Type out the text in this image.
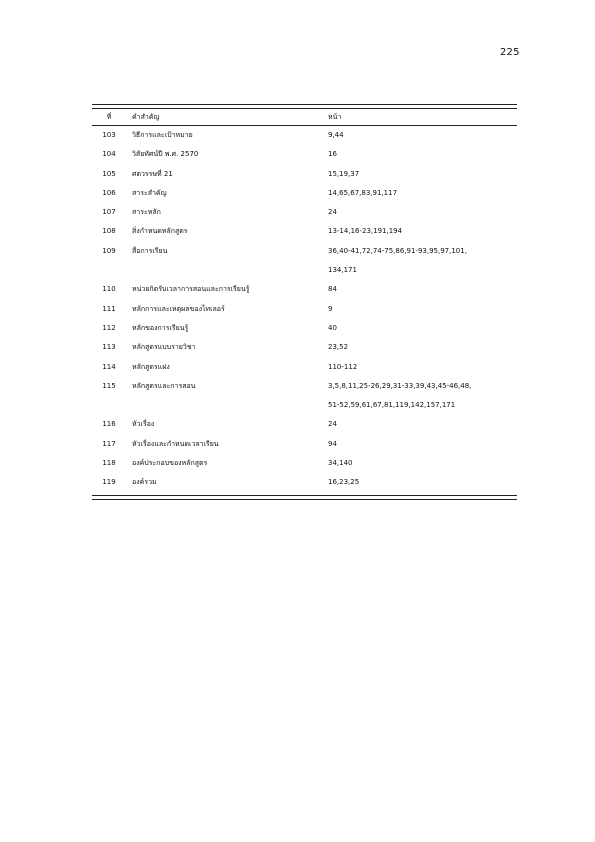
225
ที่	คำสำคัญ	หน้า
103	วิธีการและเป้าหมาย	9,44
104	วิสัยทัศน์ปี พ.ศ. 2570	16
105	ศตวรรษที่ 21	15,19,37
106	สาระสำคัญ	14,65,67,83,91,117
107	สาระหลัก	24
108	สิ่งกำหนดหลักสูตร	13-14,16-23,191,194
109	สื่อการเรียน	36,40-41,72,74-75,86,91-93,95,97,101,
134,171
110	หน่วยกิตรับเวลาการสอนและการเรียนรู้	84
111	หลักการและเหตุผลของไทเลอร์	9
112	หลักของการเรียนรู้	40
113	หลักสูตรแบบรายวิชา	23,52
114	หลักสูตรแฝง	110-112
115	หลักสูตรและการสอน	3,5,8,11,25-26,29,31-33,39,43,45-46,48,
51-52,59,61,67,81,119,142,157,171
116	หัวเรื่อง	24
117	หัวเรื่องและกำหนดเวลาเรียน	94
118	องค์ประกอบของหลักสูตร	34,140
119	องค์รวม	16,23,25
